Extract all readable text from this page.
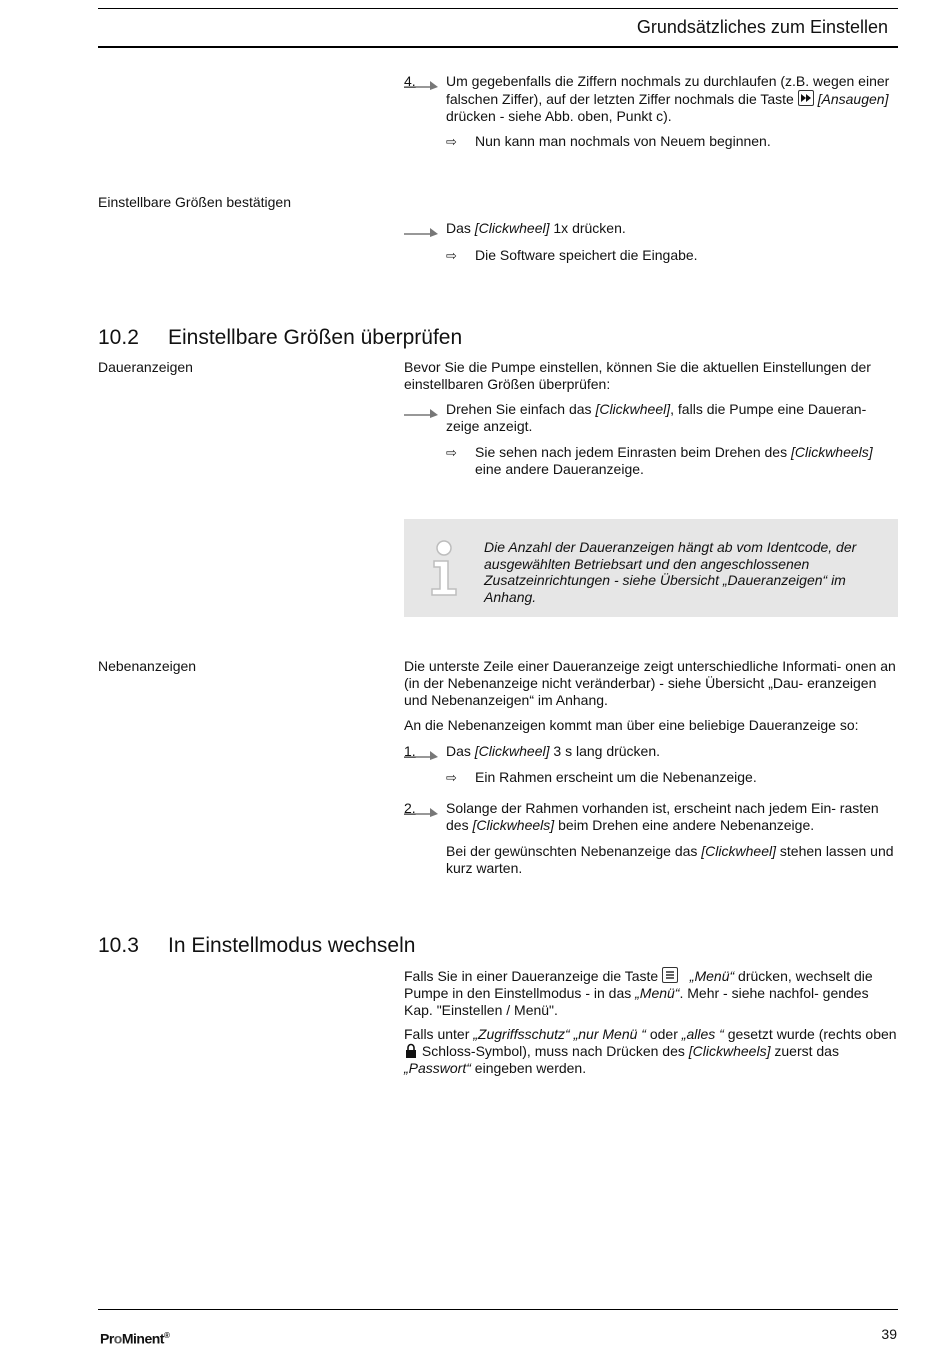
Grundsätzliches zum Einstellen
4. Um gegebenfalls die Ziffern nochmals zu durchlaufen (z.B. wegen einer falschen Ziffer), auf der letzten Ziffer nochmals die Taste [Ansaugen] drücken - siehe Abb. oben, Punkt c).
⇨	Nun kann man nochmals von Neuem beginnen.
Einstellbare Größen bestätigen
Das [Clickwheel] 1x drücken.
⇨	Die Software speichert die Eingabe.
10.2 Einstellbare Größen überprüfen
Daueranzeigen	Bevor Sie die Pumpe einstellen, können Sie die aktuellen Einstellungen der einstellbaren Größen überprüfen:
Drehen Sie einfach das [Clickwheel], falls die Pumpe eine Daueran- zeige anzeigt.
⇨	Sie sehen nach jedem Einrasten beim Drehen des [Clickwheels] eine andere Daueranzeige.
Die Anzahl der Daueranzeigen hängt ab vom Identcode, der ausgewählten Betriebsart und den angeschlossenen Zusatzeinrichtungen - siehe Übersicht „Daueranzeigen“ im Anhang.
Nebenanzeigen	Die unterste Zeile einer Daueranzeige zeigt unterschiedliche Informati- onen an (in der Nebenanzeige nicht veränderbar) - siehe Übersicht „Dau- eranzeigen und Nebenanzeigen“ im Anhang.
An die Nebenanzeigen kommt man über eine beliebige Daueranzeige so:
1. Das [Clickwheel] 3 s lang drücken.
⇨	Ein Rahmen erscheint um die Nebenanzeige.
2. Solange der Rahmen vorhanden ist, erscheint nach jedem Ein- rasten des [Clickwheels] beim Drehen eine andere Nebenanzeige.
Bei der gewünschten Nebenanzeige das [Clickwheel] stehen lassen und kurz warten.
10.3 In Einstellmodus wechseln
Falls Sie in einer Daueranzeige die Taste „Menü“ drücken, wechselt die Pumpe in den Einstellmodus - in das „Menü“. Mehr - siehe nachfol- gendes Kap. "Einstellen / Menü".
Falls unter „Zugriffsschutz“ „nur Menü “ oder „alles “ gesetzt wurde (rechts oben
Schloss-Symbol), muss nach Drücken des [Clickwheels] zuerst das „Passwort“ eingeben werden.
ProMinent®	39
